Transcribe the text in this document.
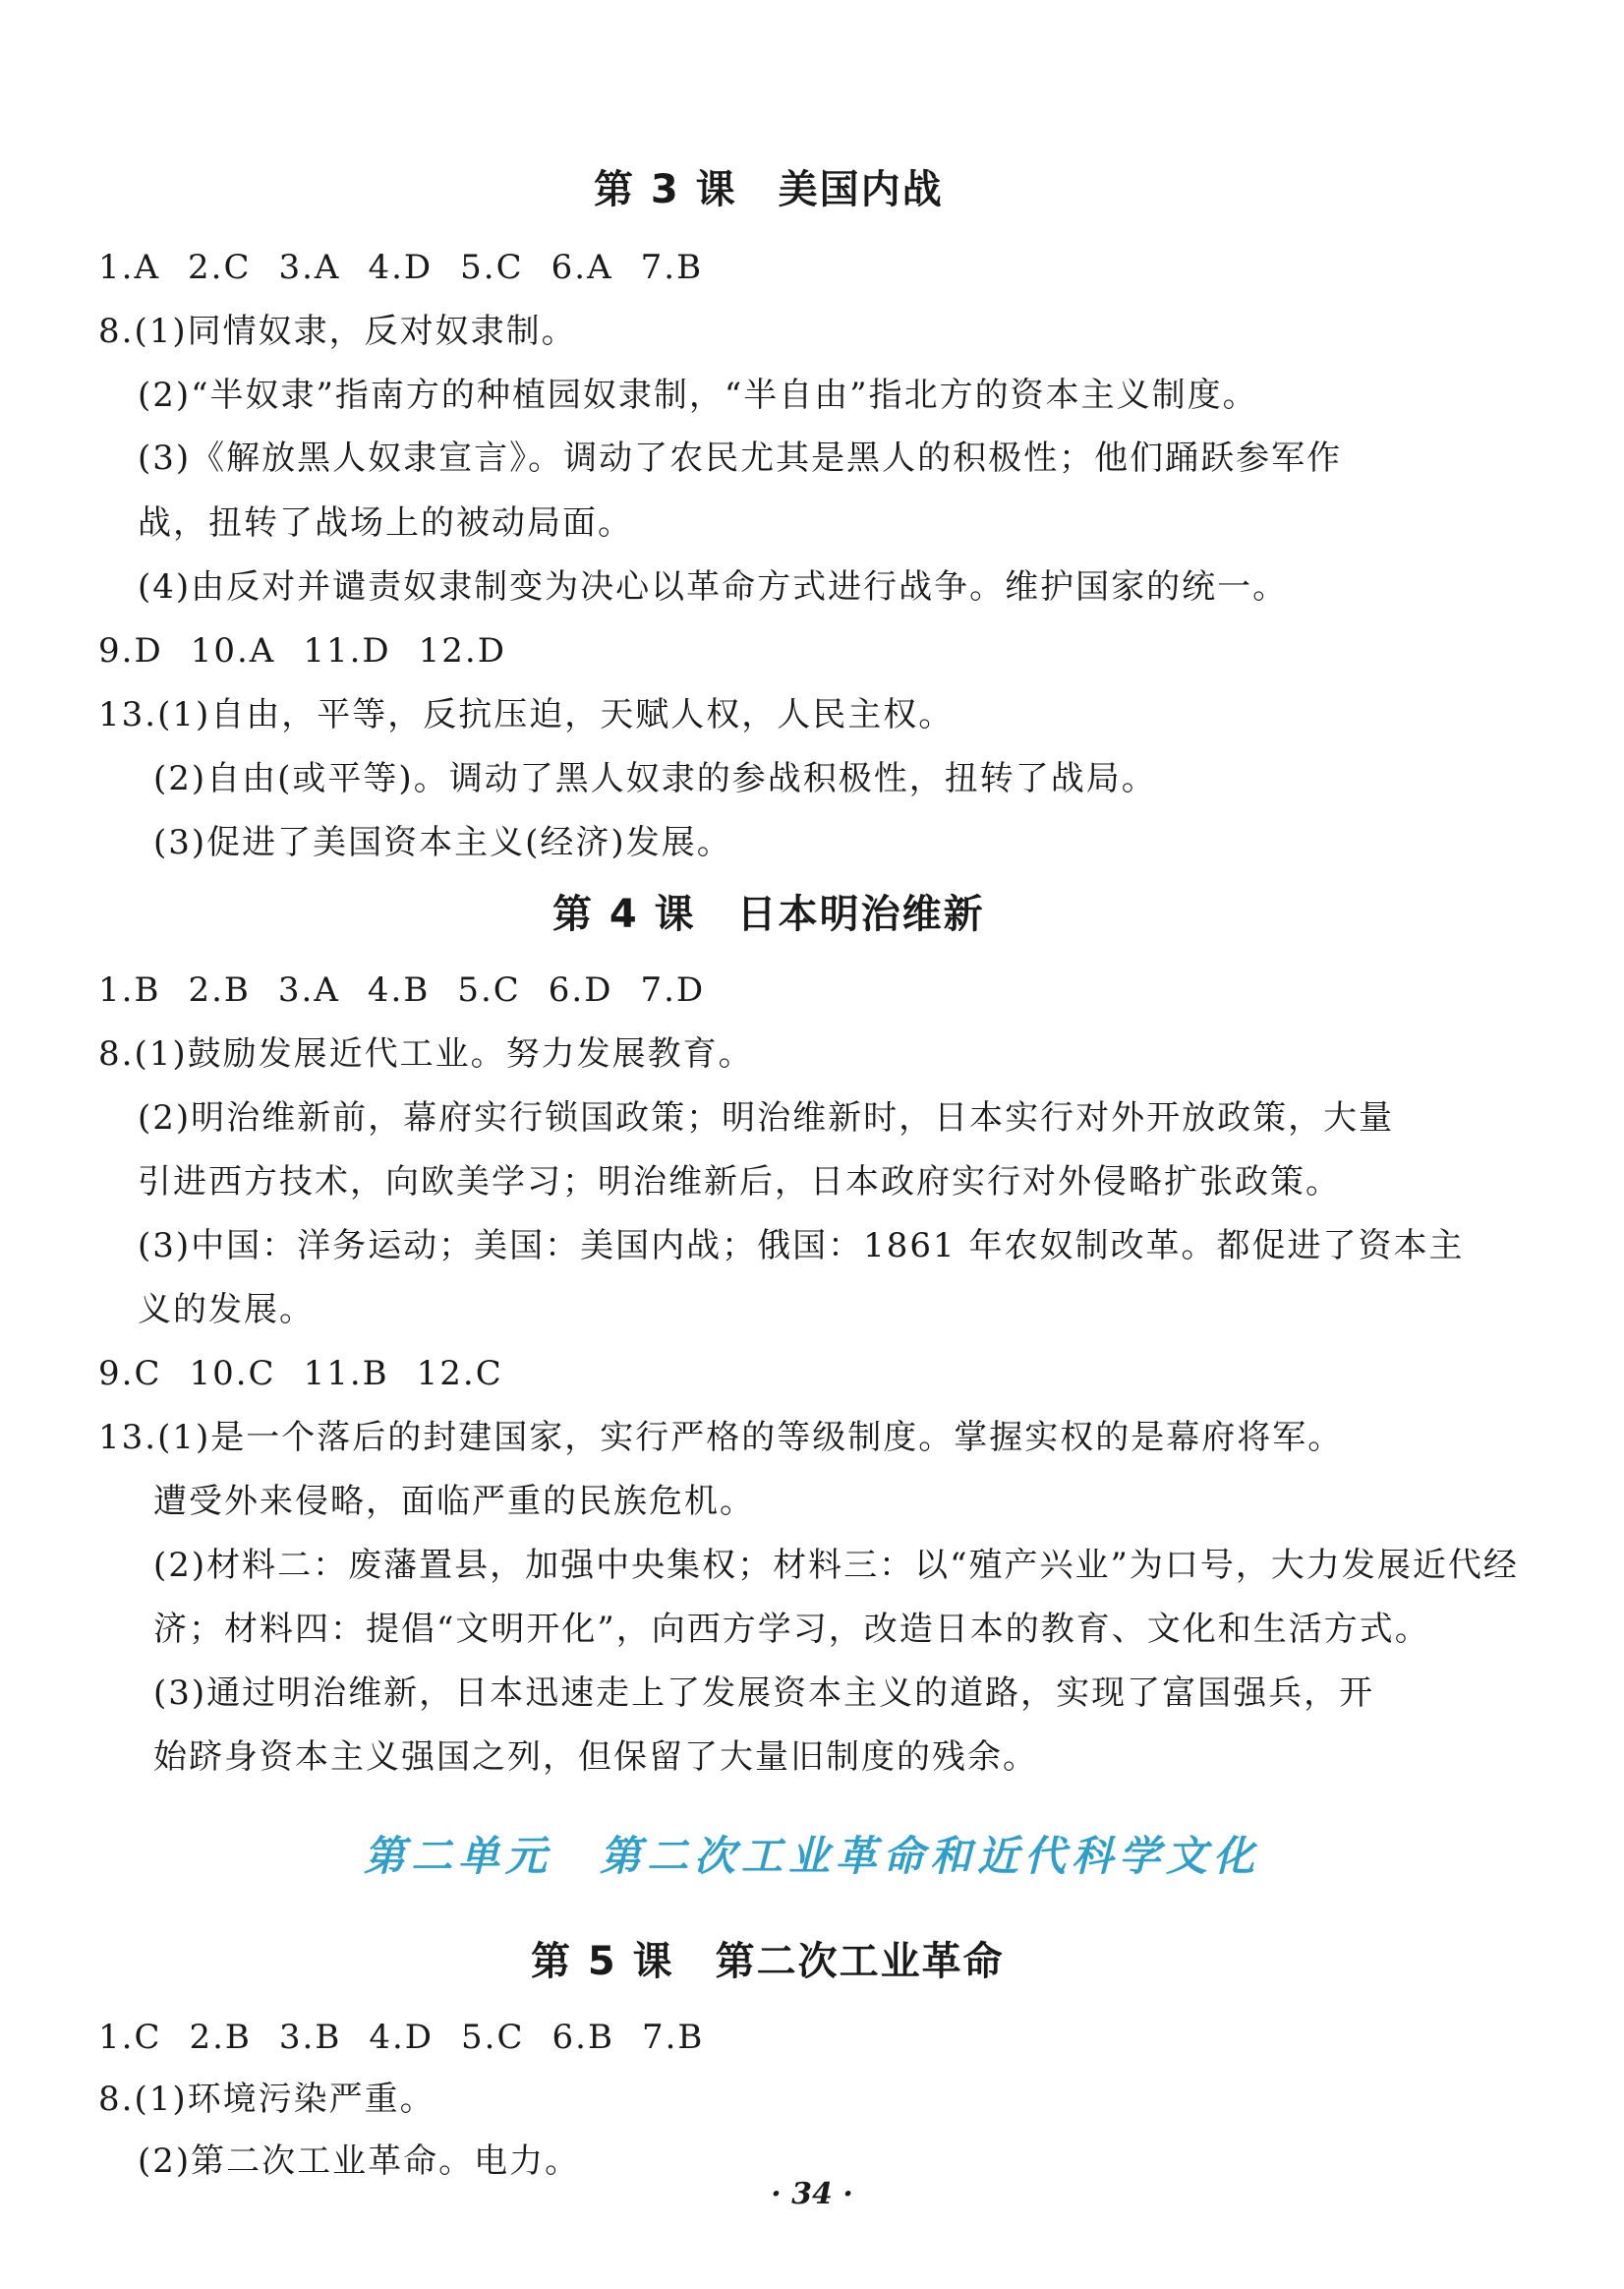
第 3 课　美国内战
1.A 2.C 3.A 4.D 5.C 6.A 7.B
8.(1)同情奴隶，反对奴隶制。
(2)“半奴隶”指南方的种植园奴隶制，“半自由”指北方的资本主义制度。
(3)《解放黑人奴隶宣言》。调动了农民尤其是黑人的积极性；他们踊跃参军作
战，扭转了战场上的被动局面。
(4)由反对并谴责奴隶制变为决心以革命方式进行战争。维护国家的统一。
9.D 10.A 11.D 12.D
13.(1)自由，平等，反抗压迫，天赋人权，人民主权。
(2)自由(或平等)。调动了黑人奴隶的参战积极性，扭转了战局。
(3)促进了美国资本主义(经济)发展。
第 4 课　日本明治维新
1.B 2.B 3.A 4.B 5.C 6.D 7.D
8.(1)鼓励发展近代工业。努力发展教育。
(2)明治维新前，幕府实行锁国政策；明治维新时，日本实行对外开放政策，大量
引进西方技术，向欧美学习；明治维新后，日本政府实行对外侵略扩张政策。
(3)中国：洋务运动；美国：美国内战；俄国：1861 年农奴制改革。都促进了资本主
义的发展。
9.C 10.C 11.B 12.C
13.(1)是一个落后的封建国家，实行严格的等级制度。掌握实权的是幕府将军。
遭受外来侵略，面临严重的民族危机。
(2)材料二：废藩置县，加强中央集权；材料三：以“殖产兴业”为口号，大力发展近代经
济；材料四：提倡“文明开化”，向西方学习，改造日本的教育、文化和生活方式。
(3)通过明治维新，日本迅速走上了发展资本主义的道路，实现了富国强兵，开
始跻身资本主义强国之列，但保留了大量旧制度的残余。
第二单元　第二次工业革命和近代科学文化
第 5 课　第二次工业革命
1.C 2.B 3.B 4.D 5.C 6.B 7.B
8.(1)环境污染严重。
(2)第二次工业革命。电力。
· 34 ·
